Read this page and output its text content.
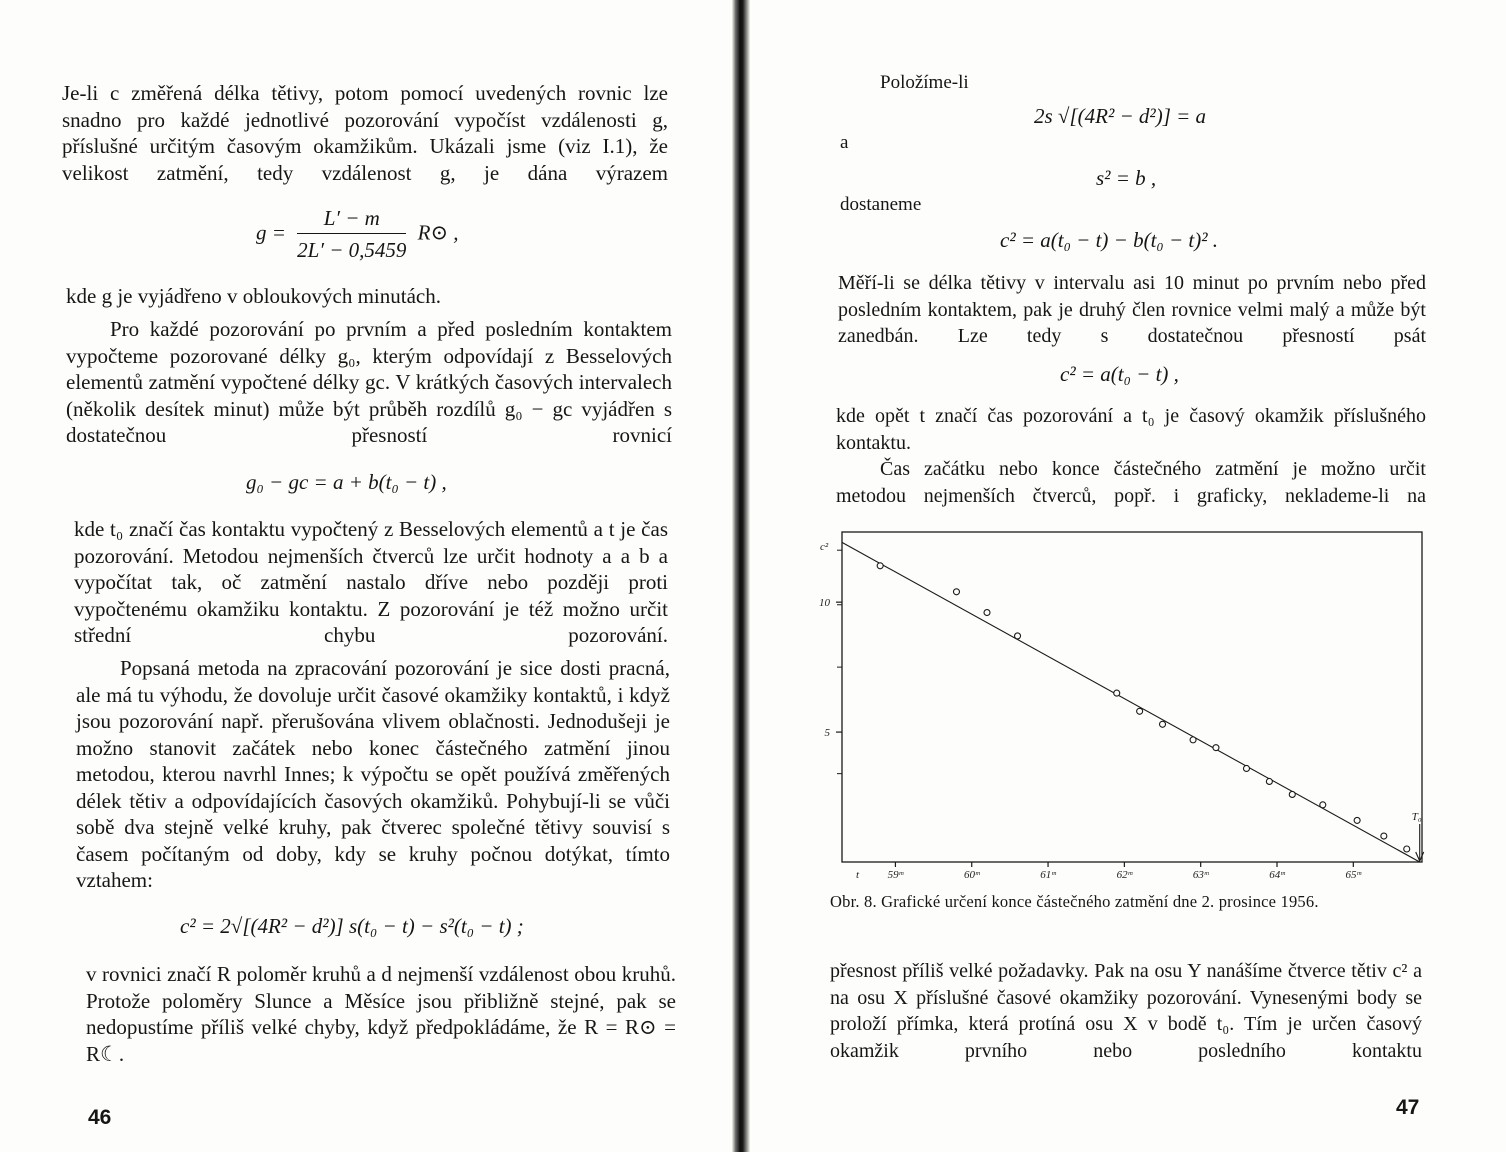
Je-li c změřená délka tětivy, potom pomocí uvedených rovnic lze snadno pro každé jednotlivé pozorování vypočíst vzdálenosti g, příslušné určitým časovým okamžikům. Ukázali jsme (viz I.1), že velikost zatmění, tedy vzdálenost g, je dána výrazem

$g = \frac{L' - m}{2L' - 0,5459}$ R⊙ ,

kde g je vyjádřeno v obloukových minutách.

Pro každé pozorování po prvním a před posledním kontaktem vypočteme pozorované délky g₀, kterým odpovídají z Besselových elementů zatmění vypočtené délky gc. V krátkých časových intervalech (několik desítek minut) může být průběh rozdílů g₀ − gc vyjádřen s dostatečnou přesností rovnicí

g₀ − gc = a + b(t₀ − t) ,

kde t₀ značí čas kontaktu vypočtený z Besselových elementů a t je čas pozorování. Metodou nejmenších čtverců lze určit hodnoty a a b a vypočítat tak, oč zatmění nastalo dříve nebo později proti vypočtenému okamžiku kontaktu. Z pozorování je též možno určit střední chybu pozorování.

Popsaná metoda na zpracování pozorování je sice dosti pracná, ale má tu výhodu, že dovoluje určit časové okamžiky kontaktů, i když jsou pozorování např. přerušována vlivem oblačnosti. Jednodušeji je možno stanovit začátek nebo konec částečného zatmění jinou metodou, kterou navrhl Innes; k výpočtu se opět používá změřených délek tětiv a odpovídajících časových okamžiků. Pohybují-li se vůči sobě dva stejně velké kruhy, pak čtverec společné tětivy souvisí s časem počítaným od doby, kdy se kruhy počnou dotýkat, tímto vztahem:

c² = 2√[(4R² − d²)] s(t₀ − t) − s²(t₀ − t) ;

v rovnici značí R poloměr kruhů a d nejmenší vzdálenost obou kruhů. Protože poloměry Slunce a Měsíce jsou přibližně stejné, pak se nedopustíme příliš velké chyby, když předpokládáme, že R = R⊙ = R☾.

46
Položíme-li
2s √[(4R² − d²)] = a
a
s² = b ,
dostaneme
c² = a(t₀ − t) − b(t₀ − t)² .

Měří-li se délka tětivy v intervalu asi 10 minut po prvním nebo před posledním kontaktem, pak je druhý člen rovnice velmi malý a může být zanedbán. Lze tedy s dostatečnou přesností psát

c² = a(t₀ − t) ,

kde opět t značí čas pozorování a t₀ je časový okamžik příslušného kontaktu.

Čas začátku nebo konce částečného zatmění je možno určit metodou nejmenších čtverců, popř. i graficky, neklademe-li na

5
10
59ᵐ	60ᵐ	61ᵐ	62ᵐ	63ᵐ	64ᵐ	65ᵐ
t
c²
T₀
Obr. 8. Grafické určení konce částečného zatmění dne 2. prosince 1956.

přesnost příliš velké požadavky. Pak na osu Y nanášíme čtverce tětiv c² a na osu X příslušné časové okamžiky pozorování. Vynesenými body se proloží přímka, která protíná osu X v bodě t₀. Tím je určen časový okamžik prvního nebo posledního kontaktu

47
